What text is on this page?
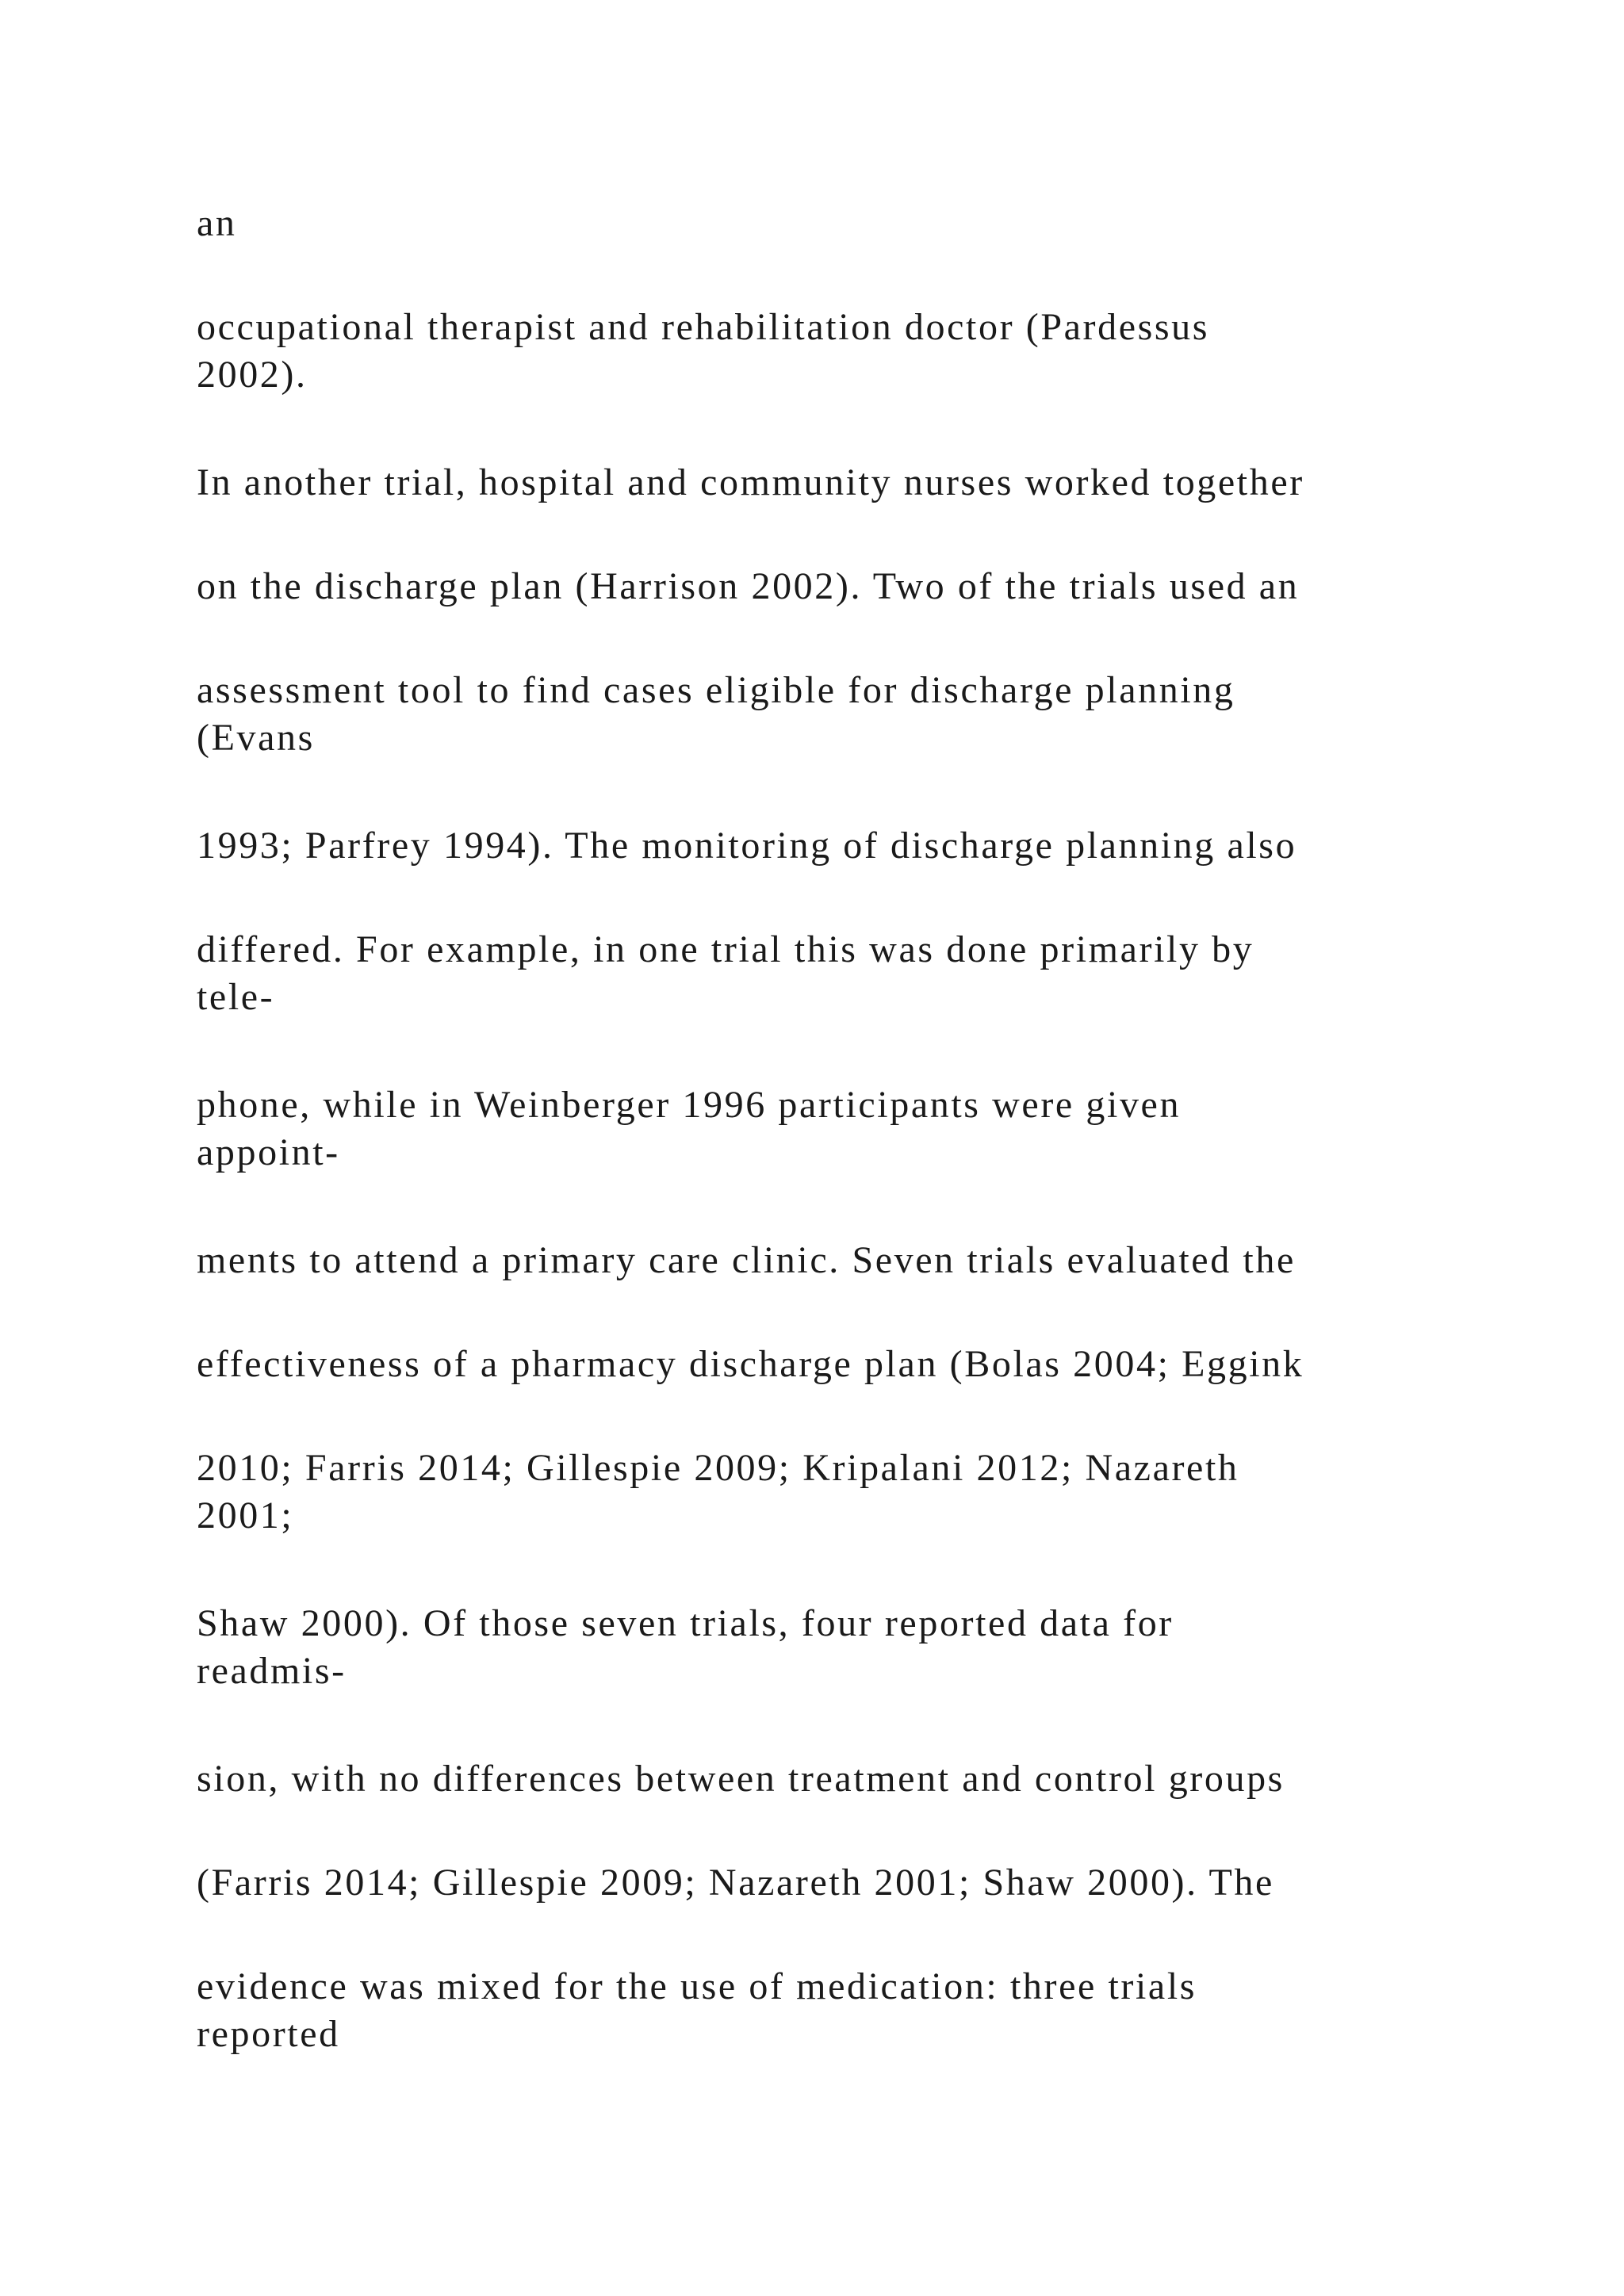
an

occupational therapist and rehabilitation doctor (Pardessus
2002).

In another trial, hospital and community nurses worked together

on the discharge plan (Harrison 2002). Two of the trials used an

assessment tool to find cases eligible for discharge planning
(Evans

1993; Parfrey 1994). The monitoring of discharge planning also

differed. For example, in one trial this was done primarily by
tele-

phone, while in Weinberger 1996 participants were given
appoint-

ments to attend a primary care clinic. Seven trials evaluated the

effectiveness of a pharmacy discharge plan (Bolas 2004; Eggink

2010; Farris 2014; Gillespie 2009; Kripalani 2012; Nazareth
2001;

Shaw 2000). Of those seven trials, four reported data for
readmis-

sion, with no differences between treatment and control groups

(Farris 2014; Gillespie 2009; Nazareth 2001; Shaw 2000). The

evidence was mixed for the use of medication: three trials
reported
